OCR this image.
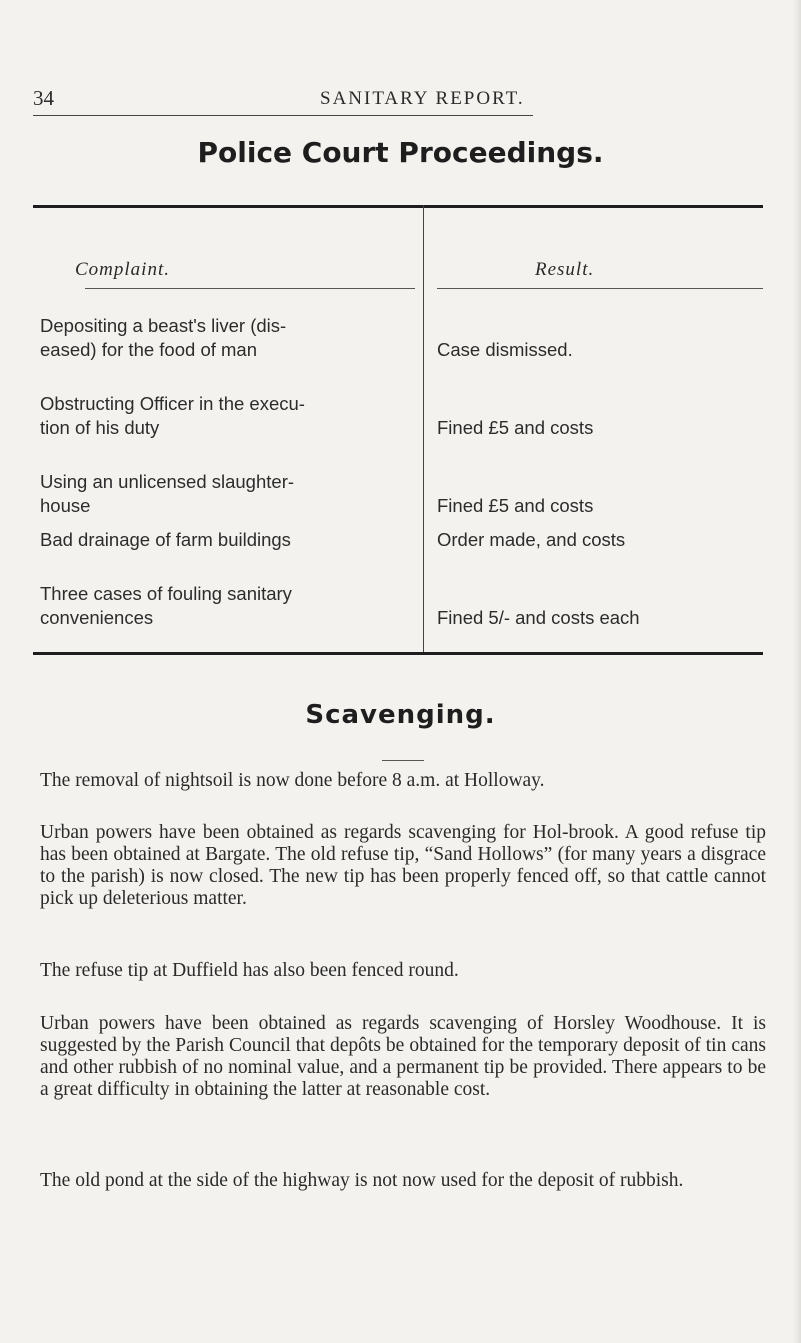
34	SANITARY REPORT.
Police Court Proceedings.
Complaint.	Result.
Depositing a beast's liver (dis-
eased) for the food of man	Case dismissed.
Obstructing Officer in the execu-
tion of his duty	Fined £5 and costs
Using an unlicensed slaughter-
house	Fined £5 and costs
Bad drainage of farm buildings	Order made, and costs
Three cases of fouling sanitary
conveniences	Fined 5/- and costs each
Scavenging.

The removal of nightsoil is now done before 8 a.m. at Holloway.

Urban powers have been obtained as regards scavenging for Hol-brook. A good refuse tip has been obtained at Bargate. The old refuse tip, “Sand Hollows” (for many years a disgrace to the parish) is now closed. The new tip has been properly fenced off, so that cattle cannot pick up deleterious matter.

The refuse tip at Duffield has also been fenced round.

Urban powers have been obtained as regards scavenging of Horsley Woodhouse. It is suggested by the Parish Council that depôts be obtained for the temporary deposit of tin cans and other rubbish of no nominal value, and a permanent tip be provided. There appears to be a great difficulty in obtaining the latter at reasonable cost.

The old pond at the side of the highway is not now used for the deposit of rubbish.
